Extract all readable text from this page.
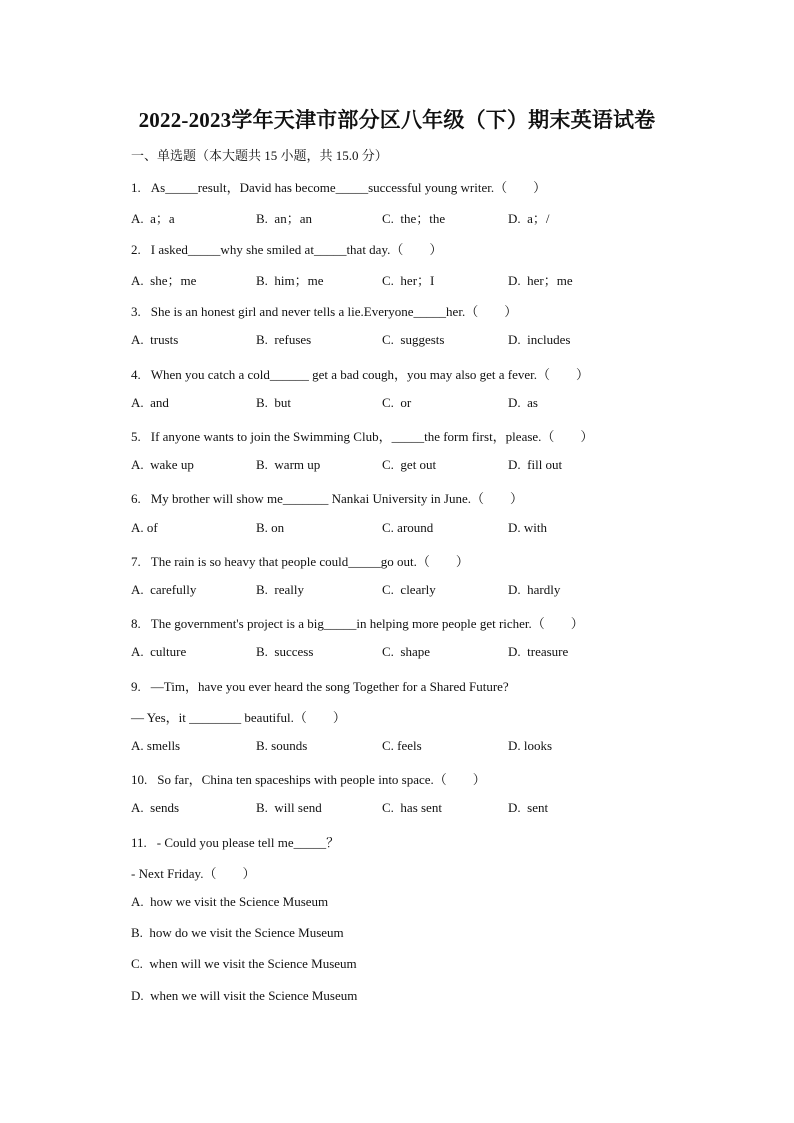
2022-2023学年天津市部分区八年级（下）期末英语试卷
一、单选题（本大题共 15 小题，共 15.0 分）
1. As_____result，David has become_____successful young writer.（　　）
A.  a；a	B.  an；an	C.  the；the	D.  a；/
2. I asked_____why she smiled at_____that day.（　　）
A.  she；me	B.  him；me	C.  her；I	D.  her；me
3. She is an honest girl and never tells a lie.Everyone_____her.（　　）
A.  trusts	B.  refuses	C.  suggests	D.  includes
4. When you catch a cold______ get a bad cough，you may also get a fever.（　　）
A.  and	B.  but	C.  or	D.  as
5. If anyone wants to join the Swimming Club，_____the form first，please.（　　）
A.  wake up	B.  warm up	C.  get out	D.  fill out
6. My brother will show me_______ Nankai University in June.（　　）
A. of	B. on	C. around	D. with
7. The rain is so heavy that people could_____go out.（　　）
A.  carefully	B.  really	C.  clearly	D.  hardly
8. The government's project is a big_____in helping more people get richer.（　　）
A.  culture	B.  success	C.  shape	D.  treasure
9. —Tim，have you ever heard the song Together for a Shared Future?
— Yes，it ________ beautiful.（　　）
A. smells	B. sounds	C. feels	D. looks
10. So far，China ten spaceships with people into space.（　　）
A.  sends	B.  will send	C.  has sent	D.  sent
11. - Could you please tell me_____？
- Next Friday.（　　）
A.  how we visit the Science Museum
B.  how do we visit the Science Museum
C.  when will we visit the Science Museum
D.  when we will visit the Science Museum
